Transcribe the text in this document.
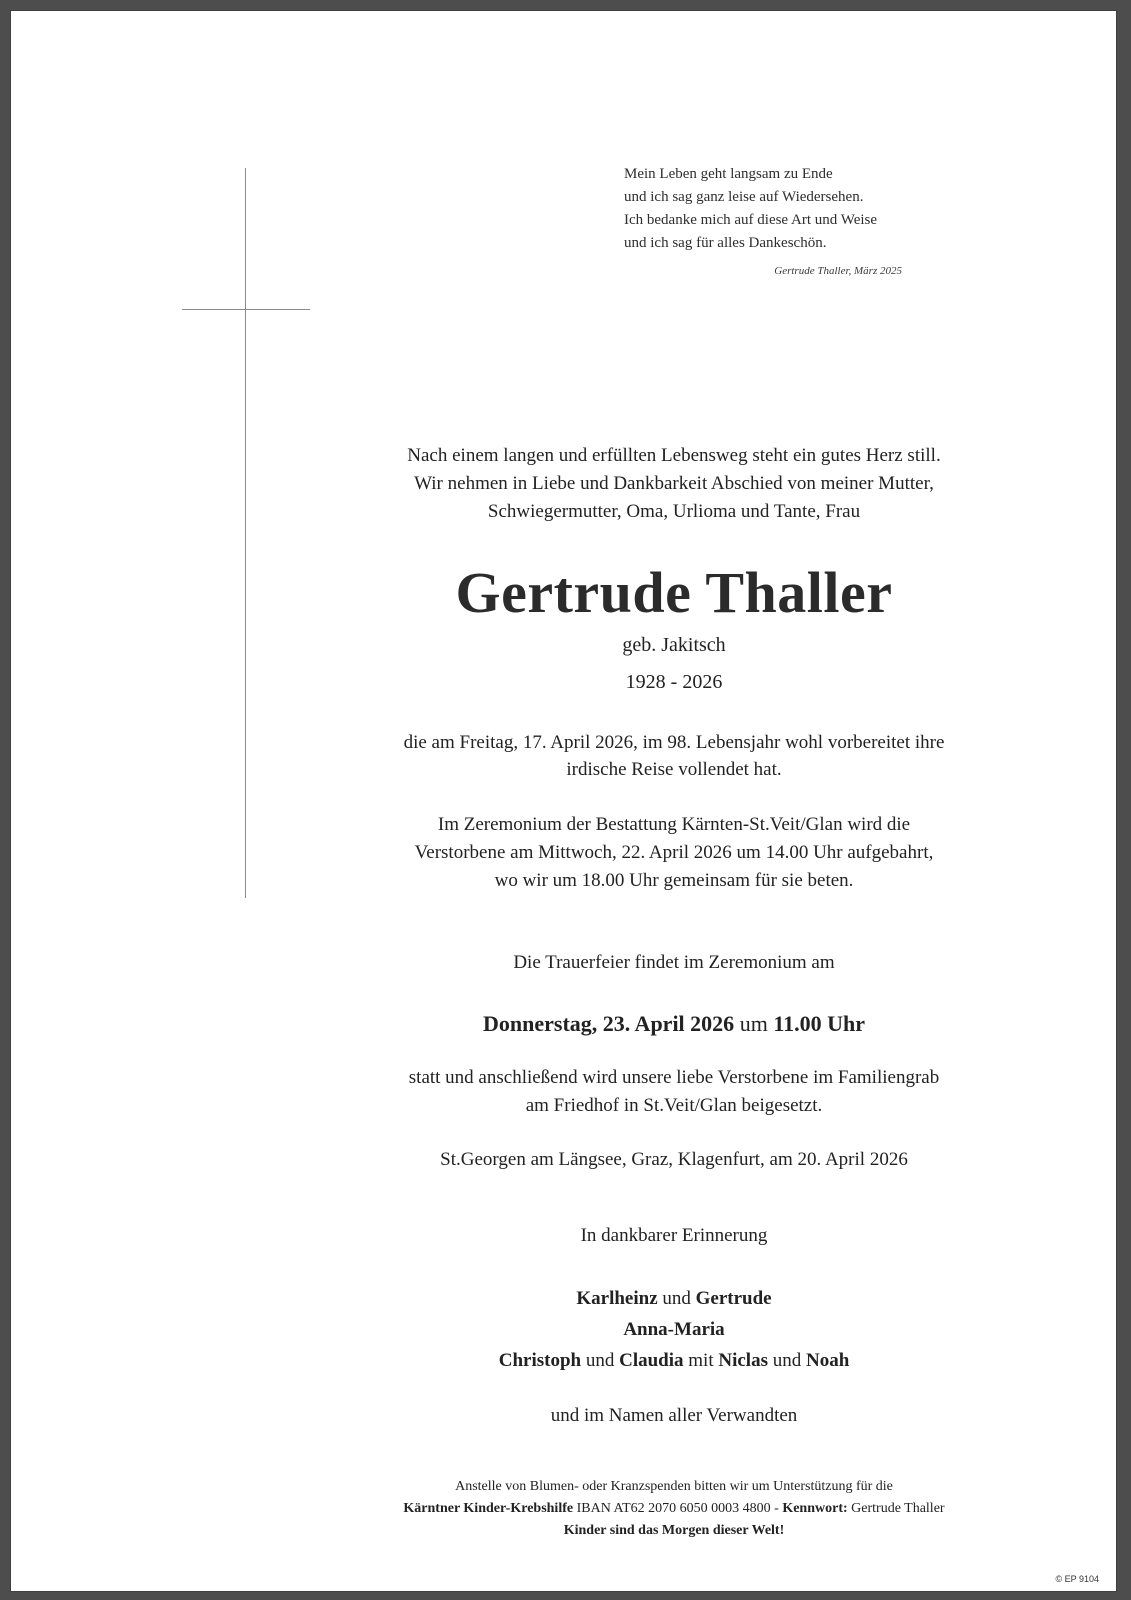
Mein Leben geht langsam zu Ende
und ich sag ganz leise auf Wiedersehen.
Ich bedanke mich auf diese Art und Weise
und ich sag für alles Dankeschön.
Gertrude Thaller, März 2025
Nach einem langen und erfüllten Lebensweg steht ein gutes Herz still.
Wir nehmen in Liebe und Dankbarkeit Abschied von meiner Mutter,
Schwiegermutter, Oma, Urlioma und Tante, Frau
Gertrude Thaller
geb. Jakitsch
1928 - 2026
die am Freitag, 17. April 2026, im 98. Lebensjahr wohl vorbereitet ihre
irdische Reise vollendet hat.
Im Zeremonium der Bestattung Kärnten-St.Veit/Glan wird die
Verstorbene am Mittwoch, 22. April 2026 um 14.00 Uhr aufgebahrt,
wo wir um 18.00 Uhr gemeinsam für sie beten.
Die Trauerfeier findet im Zeremonium am
Donnerstag, 23. April 2026 um 11.00 Uhr
statt und anschließend wird unsere liebe Verstorbene im Familiengrab
am Friedhof in St.Veit/Glan beigesetzt.
St.Georgen am Längsee, Graz, Klagenfurt, am 20. April 2026
In dankbarer Erinnerung
Karlheinz und Gertrude
Anna-Maria
Christoph und Claudia mit Niclas und Noah
und im Namen aller Verwandten
Anstelle von Blumen- oder Kranzspenden bitten wir um Unterstützung für die
Kärntner Kinder-Krebshilfe IBAN AT62 2070 6050 0003 4800 - Kennwort: Gertrude Thaller
Kinder sind das Morgen dieser Welt!
© EP 9104
